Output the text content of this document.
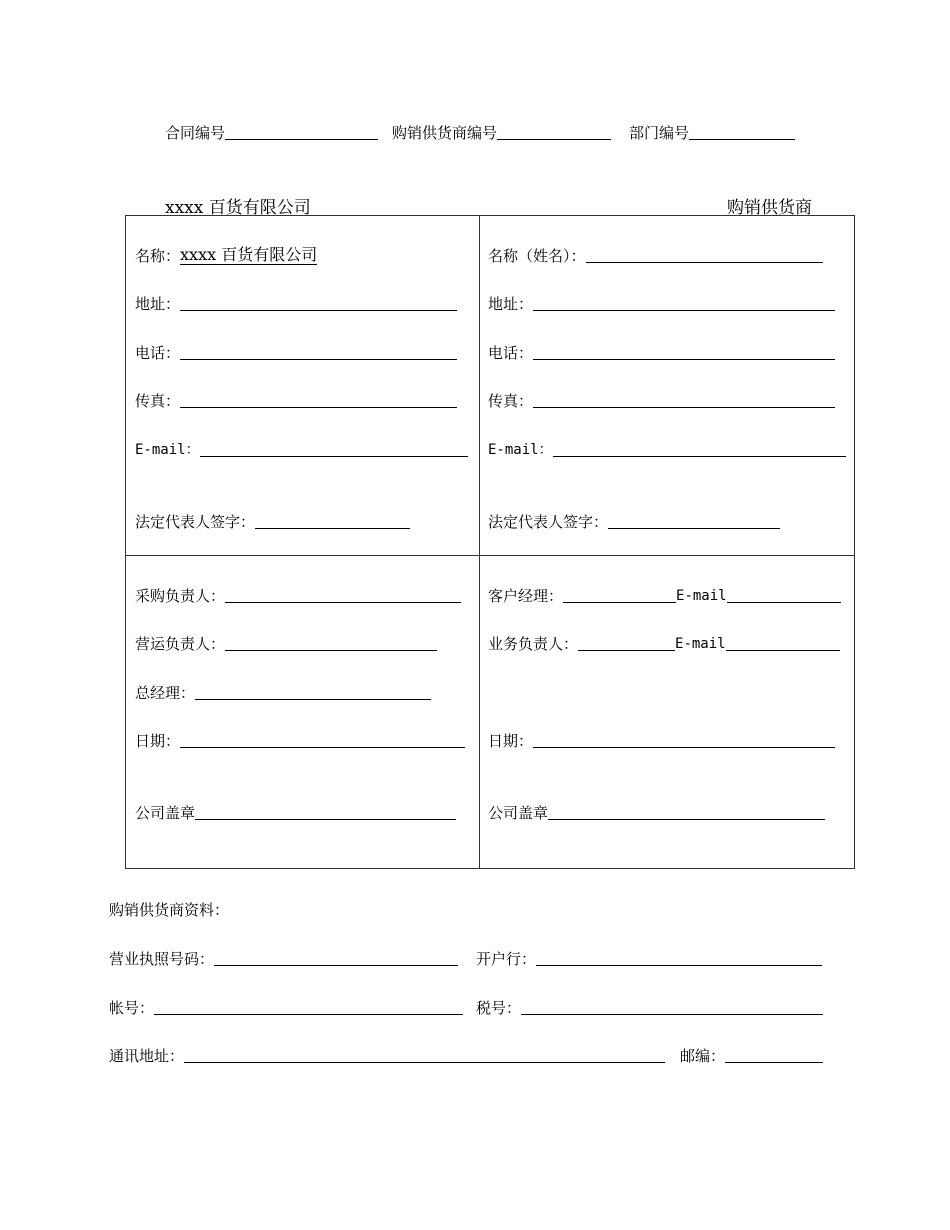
合同编号	购销供货商编号	部门编号
xxxx 百货有限公司	购销供货商
名称： xxxx 百货有限公司
地址：
电话：
传真：
E-mail：
法定代表人签字：
名称（姓名）：
地址：
电话：
传真：
E-mail：
法定代表人签字：
采购负责人：
营运负责人：
总经理：
日期：
公司盖章
客户经理：	E-mail
业务负责人：	E-mail
日期：
公司盖章
购销供货商资料：
营业执照号码：	开户行：
帐号：	税号：
通讯地址：	邮编：
